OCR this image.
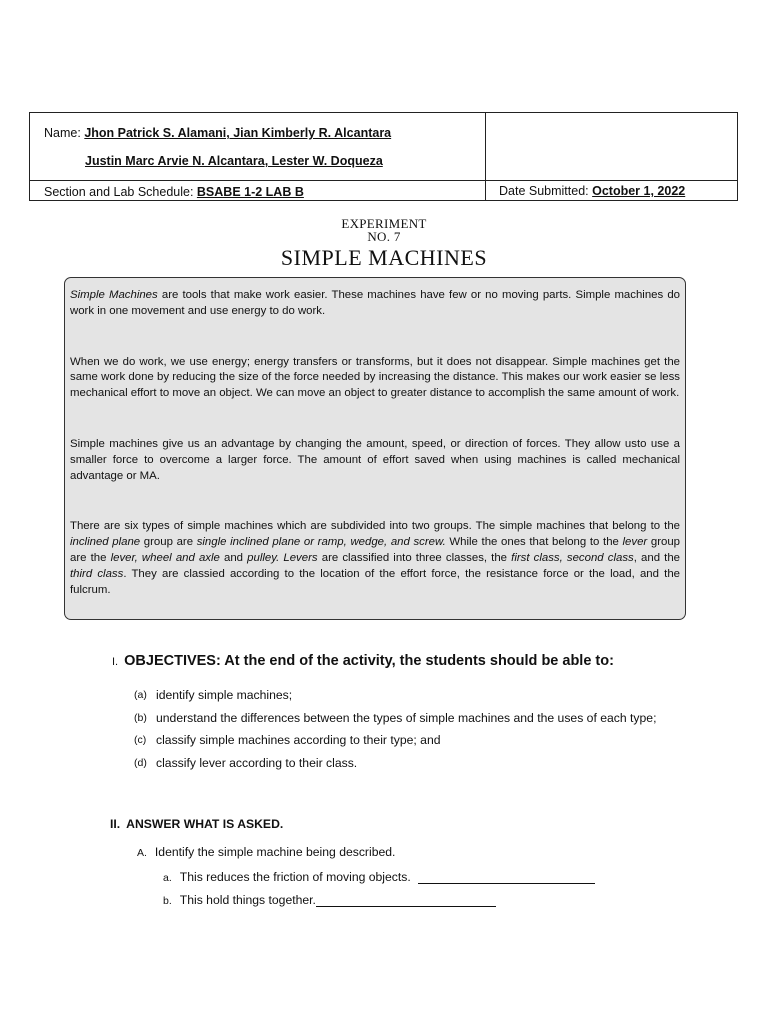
Name: Jhon Patrick S. Alamani, Jian Kimberly R. Alcantara
Justin Marc Arvie N. Alcantara, Lester W. Doqueza
Section and Lab Schedule: BSABE 1-2 LAB B	Date Submitted: October 1, 2022
EXPERIMENT
NO. 7
SIMPLE MACHINES

Simple Machines are tools that make work easier. These machines have few or no moving parts. Simple machines do work in one movement and use energy to do work.

When we do work, we use energy; energy transfers or transforms, but it does not disappear. Simple machines get the same work done by reducing the size of the force needed by increasing the distance. This makes our work easier se less mechanical effort to move an object. We can move an object to greater distance to accomplish the same amount of work.

Simple machines give us an advantage by changing the amount, speed, or direction of forces. They allow usto use a smaller force to overcome a larger force. The amount of effort saved when using machines is called mechanical advantage or MA.

There are six types of simple machines which are subdivided into two groups. The simple machines that belong to the inclined plane group are single inclined plane or ramp, wedge, and screw. While the ones that belong to the lever group are the lever, wheel and axle and pulley. Levers are classified into three classes, the first class, second class, and the third class. They are classied according to the location of the effort force, the resistance force or the load, and the fulcrum.

I. OBJECTIVES: At the end of the activity, the students should be able to:
(a) identify simple machines;
(b) understand the differences between the types of simple machines and the uses of each type;
(c) classify simple machines according to their type; and
(d) classify lever according to their class.
II. ANSWER WHAT IS ASKED.
A. Identify the simple machine being described.
a. This reduces the friction of moving objects.
b. This hold things together.
